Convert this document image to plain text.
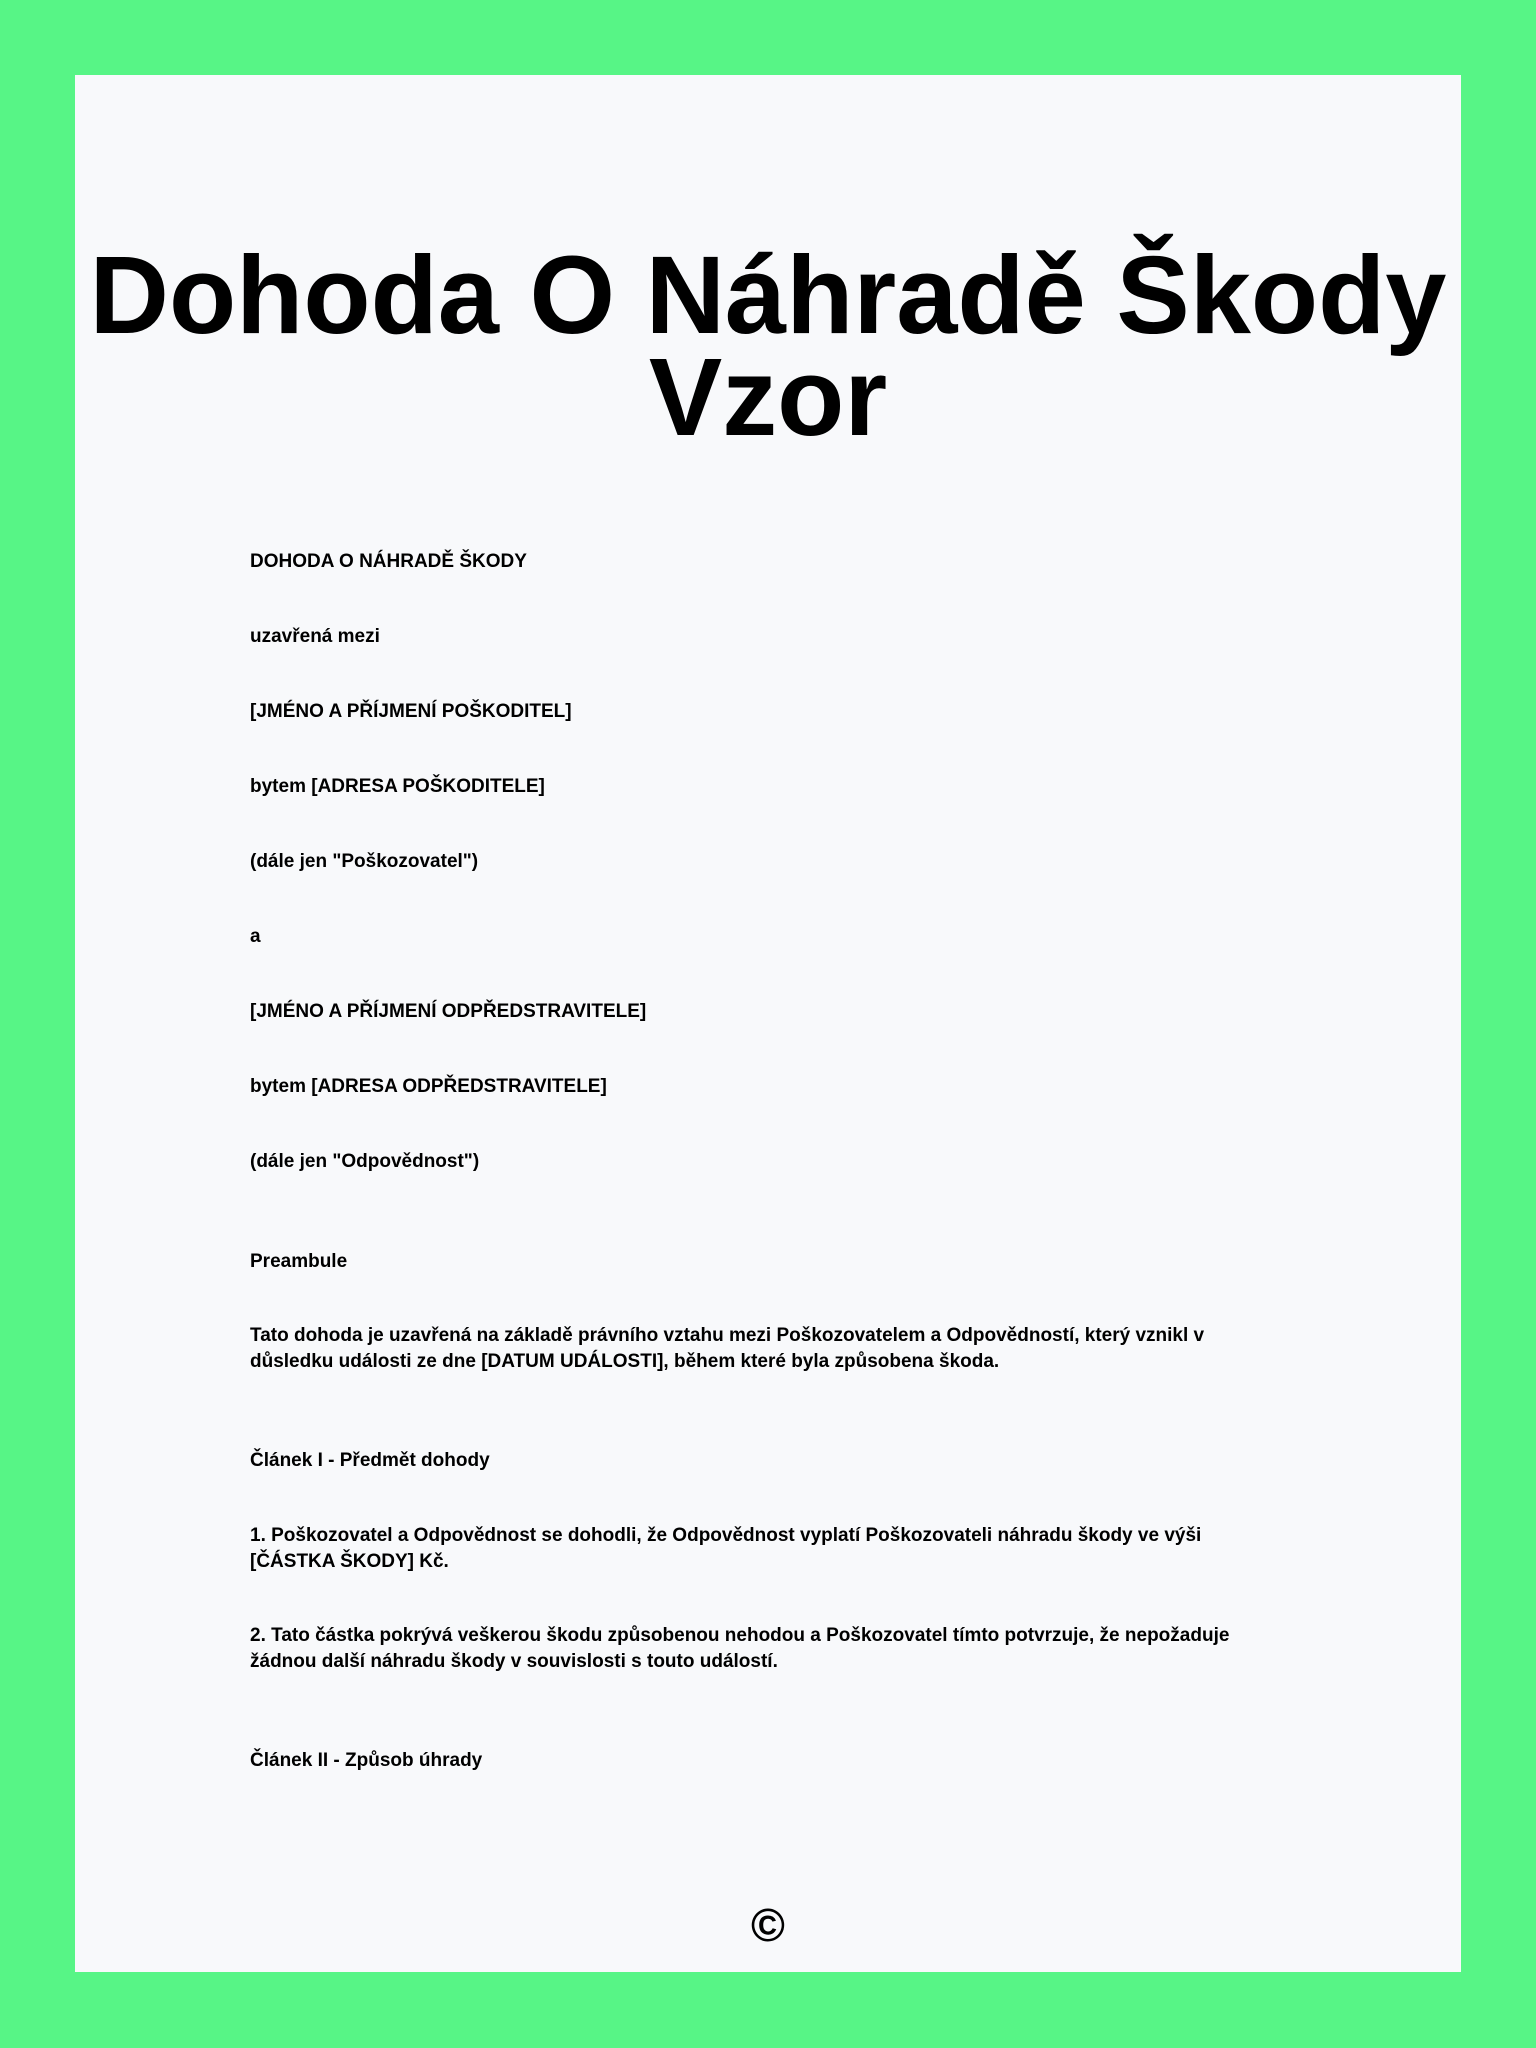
Dohoda O Náhradě Škody Vzor

DOHODA O NÁHRADĚ ŠKODY

uzavřená mezi

[JMÉNO A PŘÍJMENÍ POŠKODITEL]

bytem [ADRESA POŠKODITELE]

(dále jen "Poškozovatel")

a

[JMÉNO A PŘÍJMENÍ ODPŘEDSTRAVITELE]

bytem [ADRESA ODPŘEDSTRAVITELE]

(dále jen "Odpovědnost")

Preambule

Tato dohoda je uzavřená na základě právního vztahu mezi Poškozovatelem a Odpovědností, který vznikl v důsledku události ze dne [DATUM UDÁLOSTI], během které byla způsobena škoda.

Článek I - Předmět dohody

1. Poškozovatel a Odpovědnost se dohodli, že Odpovědnost vyplatí Poškozovateli náhradu škody ve výši [ČÁSTKA ŠKODY] Kč.

2. Tato částka pokrývá veškerou škodu způsobenou nehodou a Poškozovatel tímto potvrzuje, že nepožaduje žádnou další náhradu škody v souvislosti s touto událostí.

Článek II - Způsob úhrady

©
